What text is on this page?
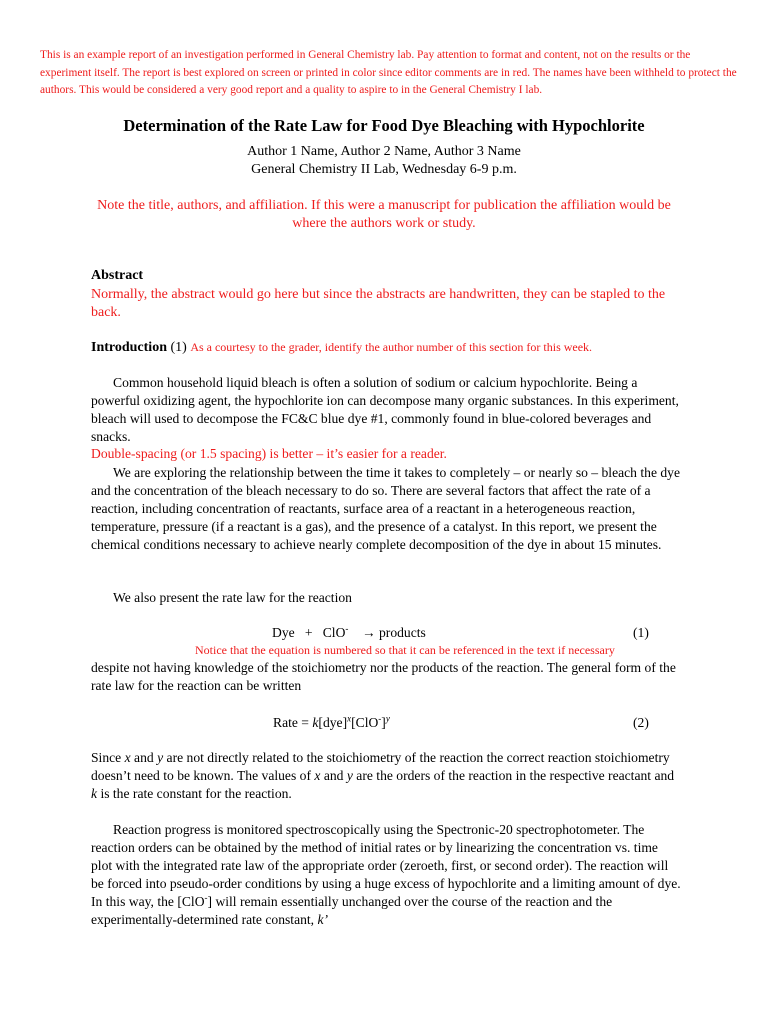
This is an example report of an investigation performed in General Chemistry lab. Pay attention to format and content, not on the results or the experiment itself. The report is best explored on screen or printed in color since editor comments are in red. The names have been withheld to protect the authors. This would be considered a very good report and a quality to aspire to in the General Chemistry I lab.
Determination of the Rate Law for Food Dye Bleaching with Hypochlorite
Author 1 Name, Author 2 Name, Author 3 Name
General Chemistry II Lab, Wednesday 6-9 p.m.
Note the title, authors, and affiliation. If this were a manuscript for publication the affiliation would be where the authors work or study.
Abstract
Normally, the abstract would go here but since the abstracts are handwritten, they can be stapled to the back.
Introduction (1) As a courtesy to the grader, identify the author number of this section for this week.
Common household liquid bleach is often a solution of sodium or calcium hypochlorite. Being a powerful oxidizing agent, the hypochlorite ion can decompose many organic substances. In this experiment, bleach will used to decompose the FC&C blue dye #1, commonly found in blue-colored beverages and snacks.
Double-spacing (or 1.5 spacing) is better – it’s easier for a reader.
We are exploring the relationship between the time it takes to completely – or nearly so – bleach the dye and the concentration of the bleach necessary to do so. There are several factors that affect the rate of a reaction, including concentration of reactants, surface area of a reactant in a heterogeneous reaction, temperature, pressure (if a reactant is a gas), and the presence of a catalyst. In this report, we present the chemical conditions necessary to achieve nearly complete decomposition of the dye in about 15 minutes.
We also present the rate law for the reaction
Dye + ClO- → products	(1)
Notice that the equation is numbered so that it can be referenced in the text if necessary
despite not having knowledge of the stoichiometry nor the products of the reaction. The general form of the rate law for the reaction can be written
Rate = $k[dye]^x[ClO^-]^y$	(2)
Since x and y are not directly related to the stoichiometry of the reaction the correct reaction stoichiometry doesn’t need to be known. The values of x and y are the orders of the reaction in the respective reactant and k is the rate constant for the reaction.
Reaction progress is monitored spectroscopically using the Spectronic-20 spectrophotometer. The reaction orders can be obtained by the method of initial rates or by linearizing the concentration vs. time plot with the integrated rate law of the appropriate order (zeroeth, first, or second order). The reaction will be forced into pseudo-order conditions by using a huge excess of hypochlorite and a limiting amount of dye. In this way, the [ClO-] will remain essentially unchanged over the course of the reaction and the experimentally-determined rate constant, k’
